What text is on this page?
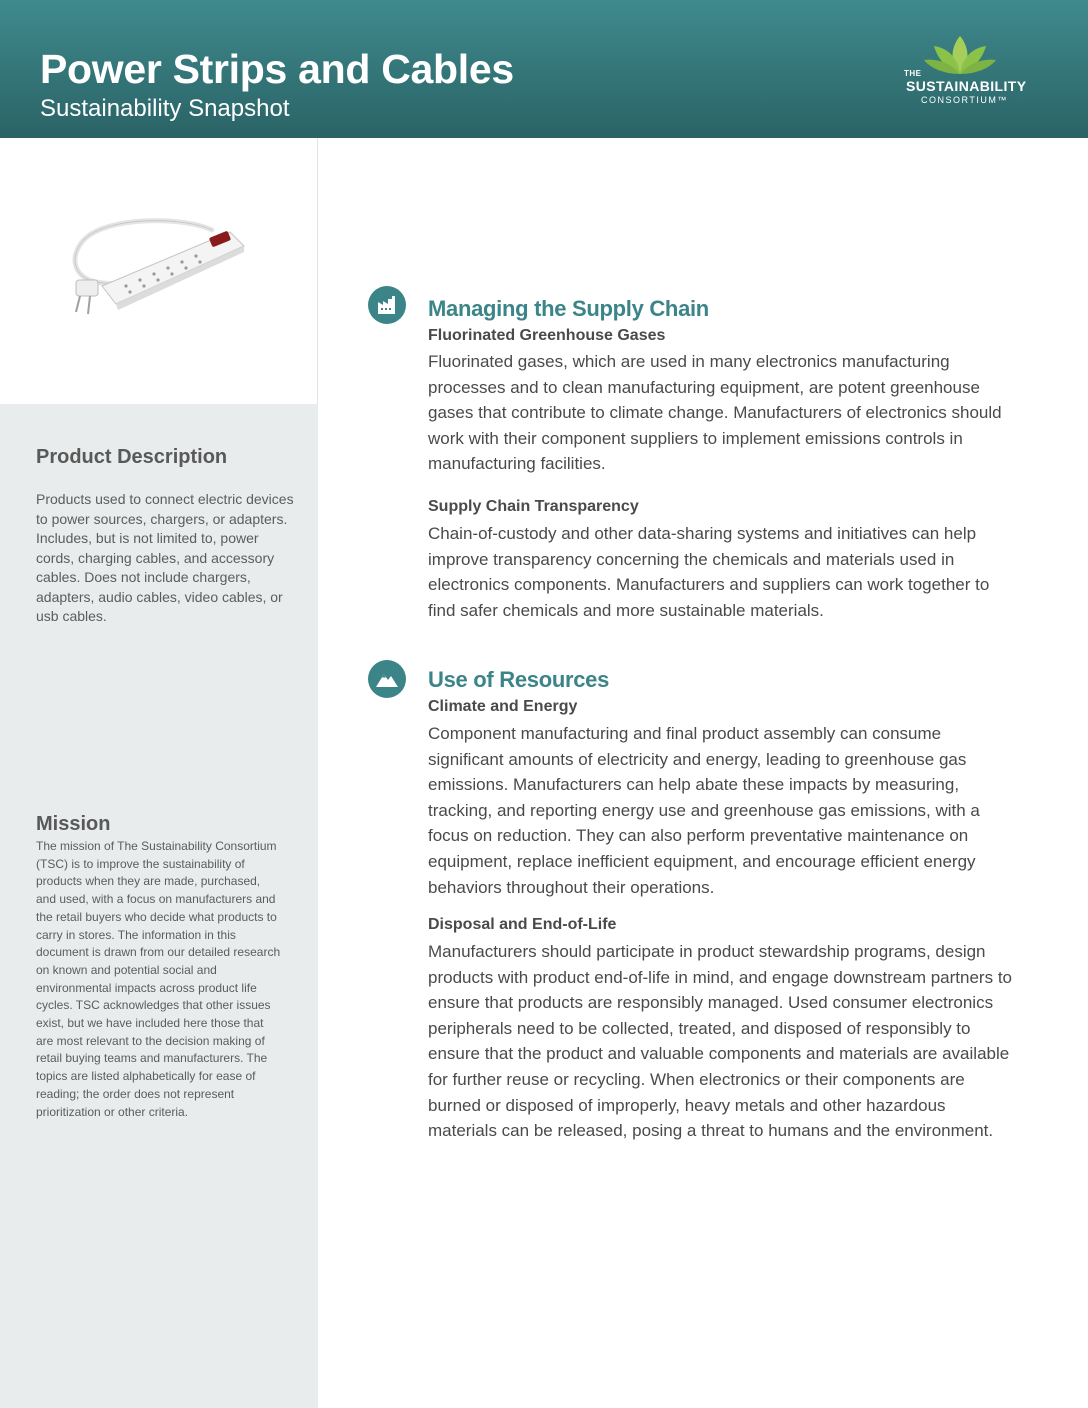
Power Strips and Cables
Sustainability Snapshot
THE
SUSTAINABILITY
CONSORTIUM™
Product Description
Products used to connect electric devices to power sources, chargers, or adapters. Includes, but is not limited to, power cords, charging cables, and accessory cables. Does not include chargers, adapters, audio cables, video cables, or usb cables.
Mission
The mission of The Sustainability Consortium (TSC) is to improve the sustainability of products when they are made, purchased, and used, with a focus on manufacturers and the retail buyers who decide what products to carry in stores. The information in this document is drawn from our detailed research on known and potential social and environmental impacts across product life cycles. TSC acknowledges that other issues exist, but we have included here those that are most relevant to the decision making of retail buying teams and manufacturers. The topics are listed alphabetically for ease of reading; the order does not represent prioritization or other criteria.
Managing the Supply Chain
Fluorinated Greenhouse Gases

Fluorinated gases, which are used in many electronics manufacturing processes and to clean manufacturing equipment, are potent greenhouse gases that contribute to climate change. Manufacturers of electronics should work with their component suppliers to implement emissions controls in manufacturing facilities.

Supply Chain Transparency

Chain-of-custody and other data-sharing systems and initiatives can help improve transparency concerning the chemicals and materials used in electronics components. Manufacturers and suppliers can work together to find safer chemicals and more sustainable materials.

Use of Resources
Climate and Energy

Component manufacturing and final product assembly can consume significant amounts of electricity and energy, leading to greenhouse gas emissions. Manufacturers can help abate these impacts by measuring, tracking, and reporting energy use and greenhouse gas emissions, with a focus on reduction. They can also perform preventative maintenance on equipment, replace inefficient equipment, and encourage efficient energy behaviors throughout their operations.

Disposal and End-of-Life

Manufacturers should participate in product stewardship programs, design products with product end-of-life in mind, and engage downstream partners to ensure that products are responsibly managed. Used consumer electronics peripherals need to be collected, treated, and disposed of responsibly to ensure that the product and valuable components and materials are available for further reuse or recycling. When electronics or their components are burned or disposed of improperly, heavy metals and other hazardous materials can be released, posing a threat to humans and the environment.
